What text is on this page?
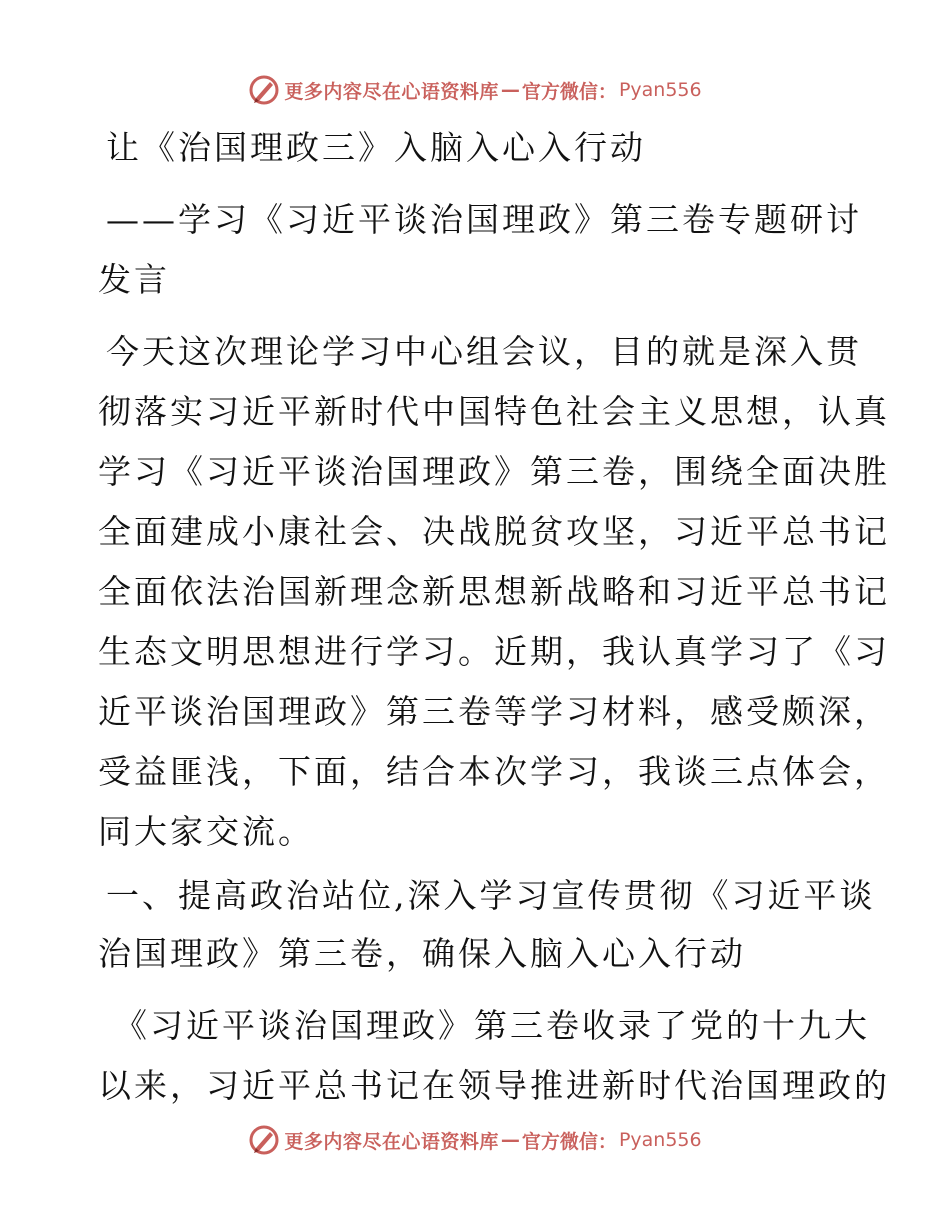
更多内容尽在心语资料库 — 官方微信： Pyan556
让《治国理政三》入脑入心入行动
——学习《习近平谈治国理政》第三卷专题研讨
发言
今天这次理论学习中心组会议，目的就是深入贯
彻落实习近平新时代中国特色社会主义思想，认真
学习《习近平谈治国理政》第三卷，围绕全面决胜
全面建成小康社会、决战脱贫攻坚，习近平总书记
全面依法治国新理念新思想新战略和习近平总书记
生态文明思想进行学习。近期，我认真学习了《习
近平谈治国理政》第三卷等学习材料，感受颇深，
受益匪浅，下面，结合本次学习，我谈三点体会，
同大家交流。
一、提高政治站位,深入学习宣传贯彻《习近平谈
治国理政》第三卷，确保入脑入心入行动
《习近平谈治国理政》第三卷收录了党的十九大
以来，习近平总书记在领导推进新时代治国理政的
更多内容尽在心语资料库 — 官方微信： Pyan556
